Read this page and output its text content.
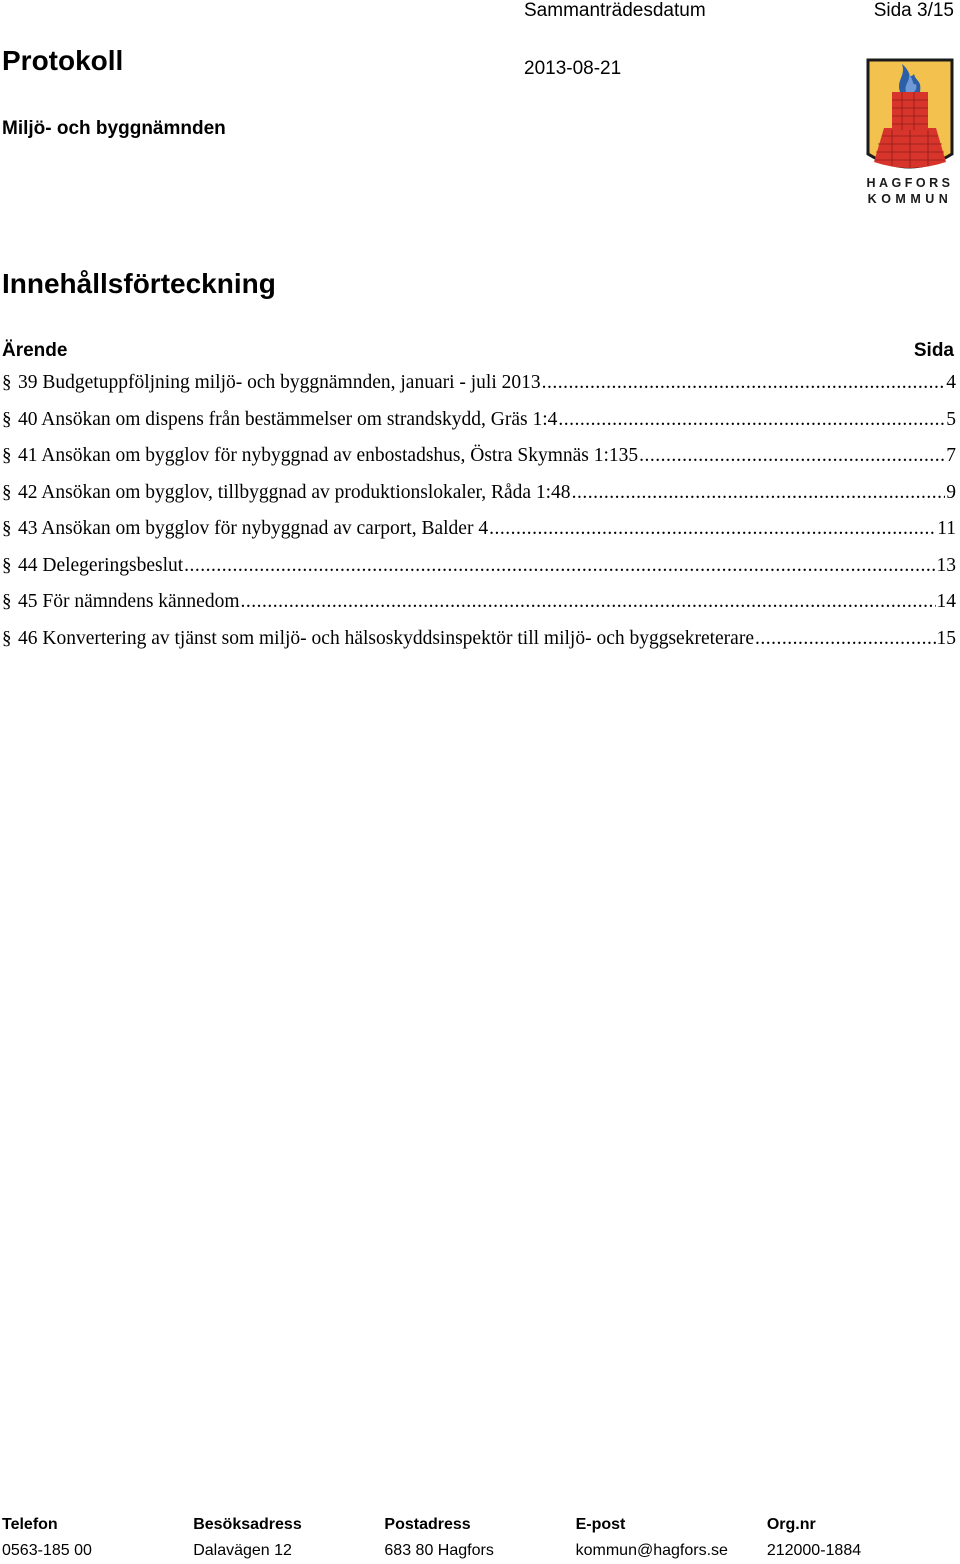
Sammanträdesdatum	Sida 3/15
Protokoll	2013-08-21
Miljö- och byggnämnden
HAGFORS
KOMMUN
Innehållsförteckning
Ärende	Sida
§ 39 Budgetuppföljning miljö- och byggnämnden, januari - juli 2013 .....	4
§ 40 Ansökan om dispens från bestämmelser om strandskydd, Gräs 1:4 .....	5
§ 41 Ansökan om bygglov för nybyggnad av enbostadshus, Östra Skymnäs 1:135 .....	7
§ 42 Ansökan om bygglov, tillbyggnad av produktionslokaler, Råda 1:48 .....	9
§ 43 Ansökan om bygglov för nybyggnad av carport, Balder 4 .....	11
§ 44 Delegeringsbeslut .....	13
§ 45 För nämndens kännedom .....	14
§ 46 Konvertering av tjänst som miljö- och hälsoskyddsinspektör till miljö- och byggsekreterare .....	15
Telefon	Besöksadress	Postadress	E-post	Org.nr
0563-185 00	Dalavägen 12	683 80 Hagfors	kommun@hagfors.se	212000-1884
